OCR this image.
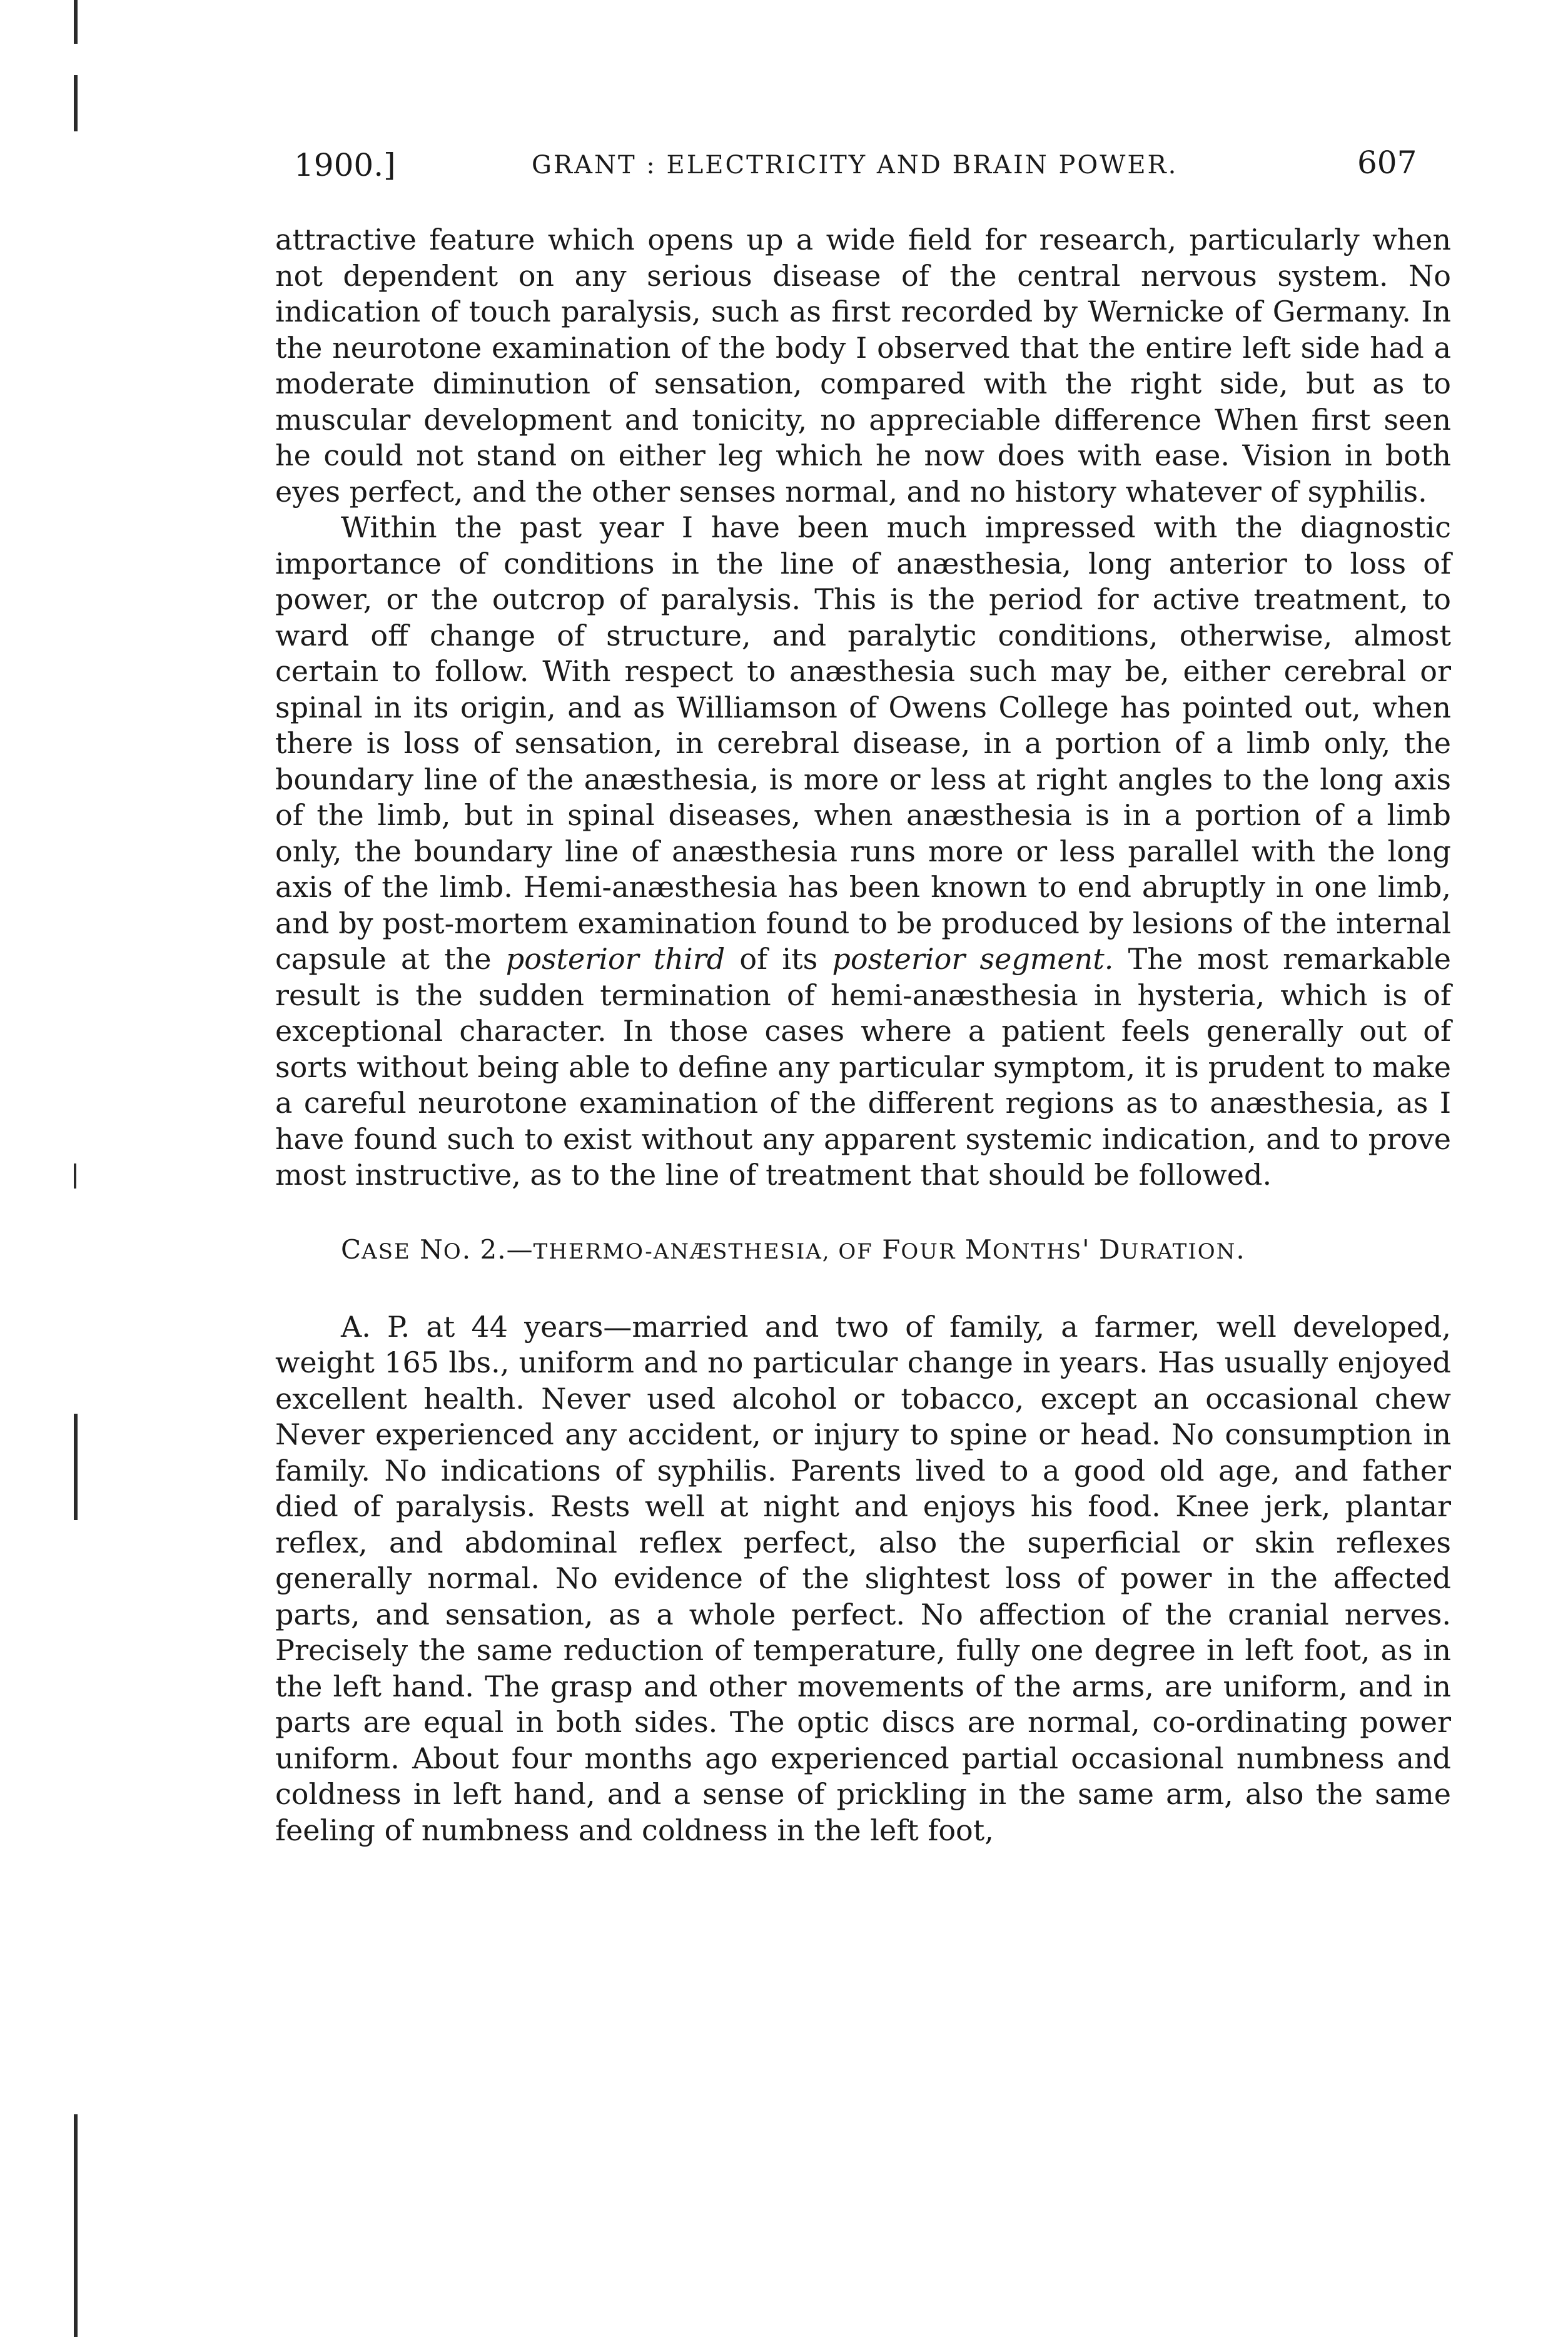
1900.]	GRANT : ELECTRICITY AND BRAIN POWER.	607

attractive feature which opens up a wide field for research, particularly when not dependent on any serious disease of the central nervous system. No indication of touch paralysis, such as first recorded by Wernicke of Germany. In the neurotone examination of the body I observed that the entire left side had a moderate diminution of sensation, compared with the right side, but as to muscular development and tonicity, no appreciable difference When first seen he could not stand on either leg which he now does with ease. Vision in both eyes perfect, and the other senses normal, and no history whatever of syphilis.

Within the past year I have been much impressed with the diagnostic importance of conditions in the line of anæsthesia, long anterior to loss of power, or the outcrop of paralysis. This is the period for active treatment, to ward off change of structure, and paralytic conditions, otherwise, almost certain to follow. With respect to anæsthesia such may be, either cerebral or spinal in its origin, and as Williamson of Owens College has pointed out, when there is loss of sensation, in cerebral disease, in a portion of a limb only, the boundary line of the anæsthesia, is more or less at right angles to the long axis of the limb, but in spinal diseases, when anæsthesia is in a portion of a limb only, the boundary line of anæsthesia runs more or less parallel with the long axis of the limb. Hemi-anæsthesia has been known to end abruptly in one limb, and by post-mortem examination found to be produced by lesions of the internal capsule at the posterior third of its posterior segment. The most remarkable result is the sudden termination of hemi-anæsthesia in hysteria, which is of exceptional character. In those cases where a patient feels generally out of sorts without being able to define any particular symptom, it is prudent to make a careful neurotone examination of the different regions as to anæsthesia, as I have found such to exist without any apparent systemic indication, and to prove most instructive, as to the line of treatment that should be followed.

CASE NO. 2.—THERMO-ANÆSTHESIA, OF FOUR MONTHS' DURATION.

A. P. at 44 years—married and two of family, a farmer, well developed, weight 165 lbs., uniform and no particular change in years. Has usually enjoyed excellent health. Never used alcohol or tobacco, except an occasional chew Never experienced any accident, or injury to spine or head. No consumption in family. No indications of syphilis. Parents lived to a good old age, and father died of paralysis. Rests well at night and enjoys his food. Knee jerk, plantar reflex, and abdominal reflex perfect, also the superficial or skin reflexes generally normal. No evidence of the slightest loss of power in the affected parts, and sensation, as a whole perfect. No affection of the cranial nerves. Precisely the same reduction of temperature, fully one degree in left foot, as in the left hand. The grasp and other movements of the arms, are uniform, and in parts are equal in both sides. The optic discs are normal, co-ordinating power uniform. About four months ago experienced partial occasional numbness and coldness in left hand, and a sense of prickling in the same arm, also the same feeling of numbness and coldness in the left foot,
